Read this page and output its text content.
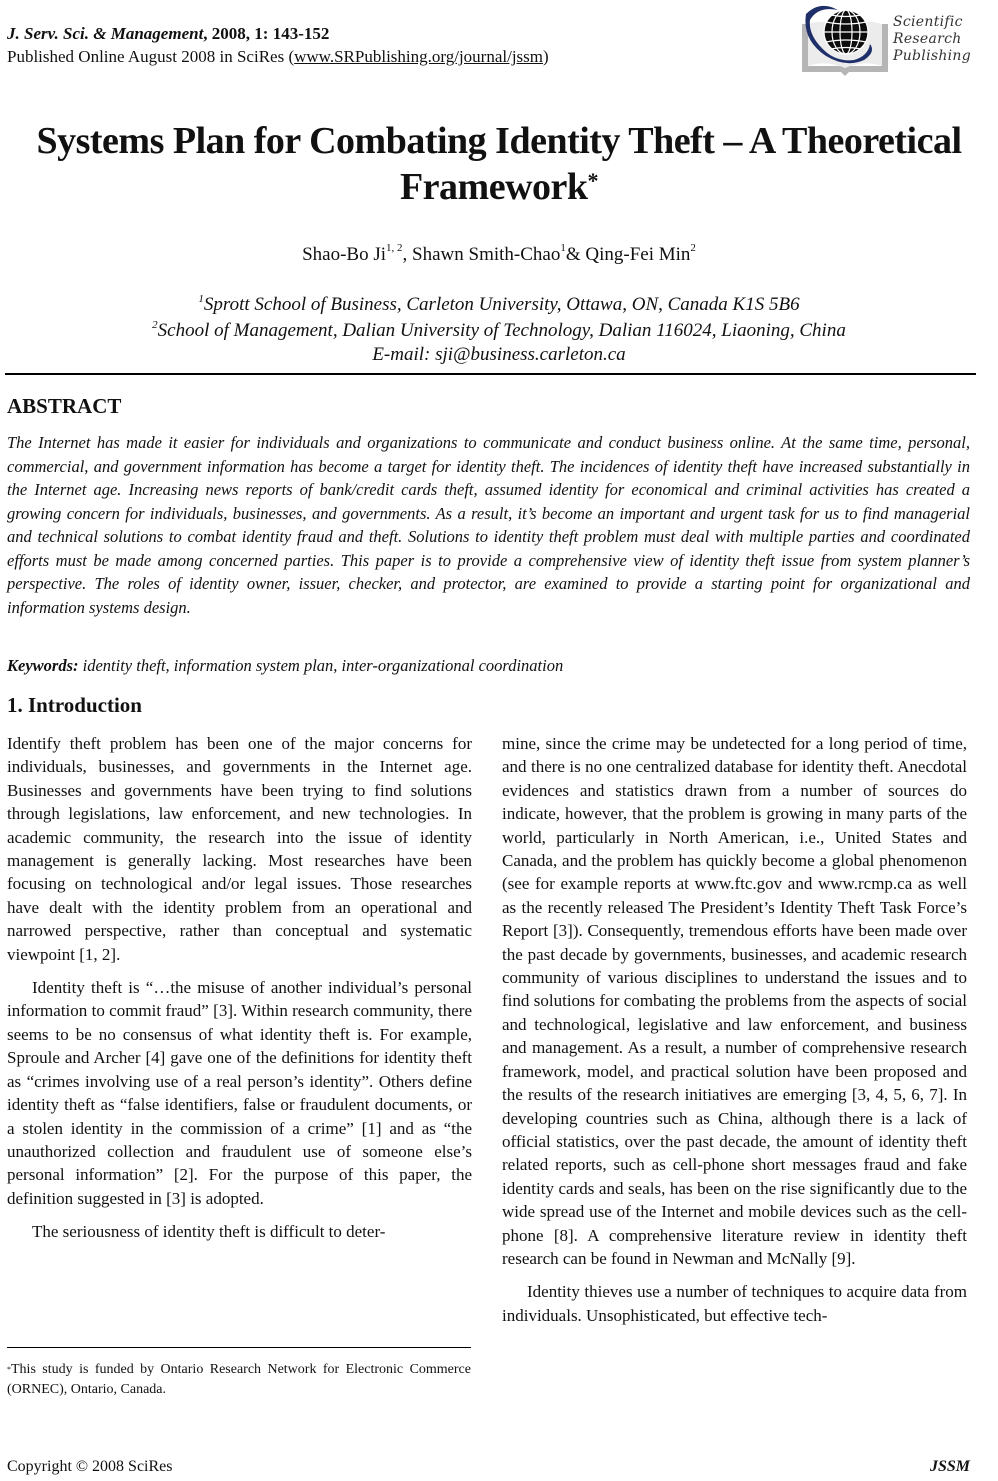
J. Serv. Sci. & Management, 2008, 1: 143-152
Published Online August 2008 in SciRes (www.SRPublishing.org/journal/jssm)
Scientific
Research
Publishing
Systems Plan for Combating Identity Theft – A Theoretical
Framework*
Shao-Bo Ji$^{1, 2}$, Shawn Smith-Chao$^1$& Qing-Fei Min$^2$
$^1$Sprott School of Business, Carleton University, Ottawa, ON, Canada K1S 5B6
$^2$School of Management, Dalian University of Technology, Dalian 116024, Liaoning, China
E-mail: sji@business.carleton.ca
ABSTRACT
The Internet has made it easier for individuals and organizations to communicate and conduct business online. At the same time, personal, commercial, and government information has become a target for identity theft. The incidences of identity theft have increased substantially in the Internet age. Increasing news reports of bank/credit cards theft, assumed identity for economical and criminal activities has created a growing concern for individuals, businesses, and governments. As a result, it’s become an important and urgent task for us to find managerial and technical solutions to combat identity fraud and theft. Solutions to identity theft problem must deal with multiple parties and coordinated efforts must be made among concerned parties. This paper is to provide a comprehensive view of identity theft issue from system planner’s perspective. The roles of identity owner, issuer, checker, and protector, are examined to provide a starting point for organizational and information systems design.
Keywords: identity theft, information system plan, inter-organizational coordination
1. Introduction

Identify theft problem has been one of the major concerns for individuals, businesses, and governments in the Internet age. Businesses and governments have been trying to find solutions through legislations, law enforcement, and new technologies. In academic community, the research into the issue of identity management is generally lacking. Most researches have been focusing on technological and/or legal issues. Those researches have dealt with the identity problem from an operational and narrowed perspective, rather than conceptual and systematic viewpoint [1, 2].

Identity theft is “…the misuse of another individual’s personal information to commit fraud” [3]. Within research community, there seems to be no consensus of what identity theft is. For example, Sproule and Archer [4] gave one of the definitions for identity theft as “crimes involving use of a real person’s identity”. Others define identity theft as “false identifiers, false or fraudulent documents, or a stolen identity in the commission of a crime” [1] and as “the unauthorized collection and fraudulent use of someone else’s personal information” [2]. For the purpose of this paper, the definition suggested in [3] is adopted.

The seriousness of identity theft is difficult to deter-

mine, since the crime may be undetected for a long period of time, and there is no one centralized database for identity theft. Anecdotal evidences and statistics drawn from a number of sources do indicate, however, that the problem is growing in many parts of the world, particularly in North American, i.e., United States and Canada, and the problem has quickly become a global phenomenon (see for example reports at www.ftc.gov and www.rcmp.ca as well as the recently released The President’s Identity Theft Task Force’s Report [3]). Consequently, tremendous efforts have been made over the past decade by governments, businesses, and academic research community of various disciplines to understand the issues and to find solutions for combating the problems from the aspects of social and technological, legislative and law enforcement, and business and management. As a result, a number of comprehensive research framework, model, and practical solution have been proposed and the results of the research initiatives are emerging [3, 4, 5, 6, 7]. In developing countries such as China, although there is a lack of official statistics, over the past decade, the amount of identity theft related reports, such as cell-phone short messages fraud and fake identity cards and seals, has been on the rise significantly due to the wide spread use of the Internet and mobile devices such as the cell-phone [8]. A comprehensive literature review in identity theft research can be found in Newman and McNally [9].

Identity thieves use a number of techniques to acquire data from individuals. Unsophisticated, but effective tech-

*This study is funded by Ontario Research Network for Electronic Commerce (ORNEC), Ontario, Canada.
Copyright © 2008 SciRes	JSSM
